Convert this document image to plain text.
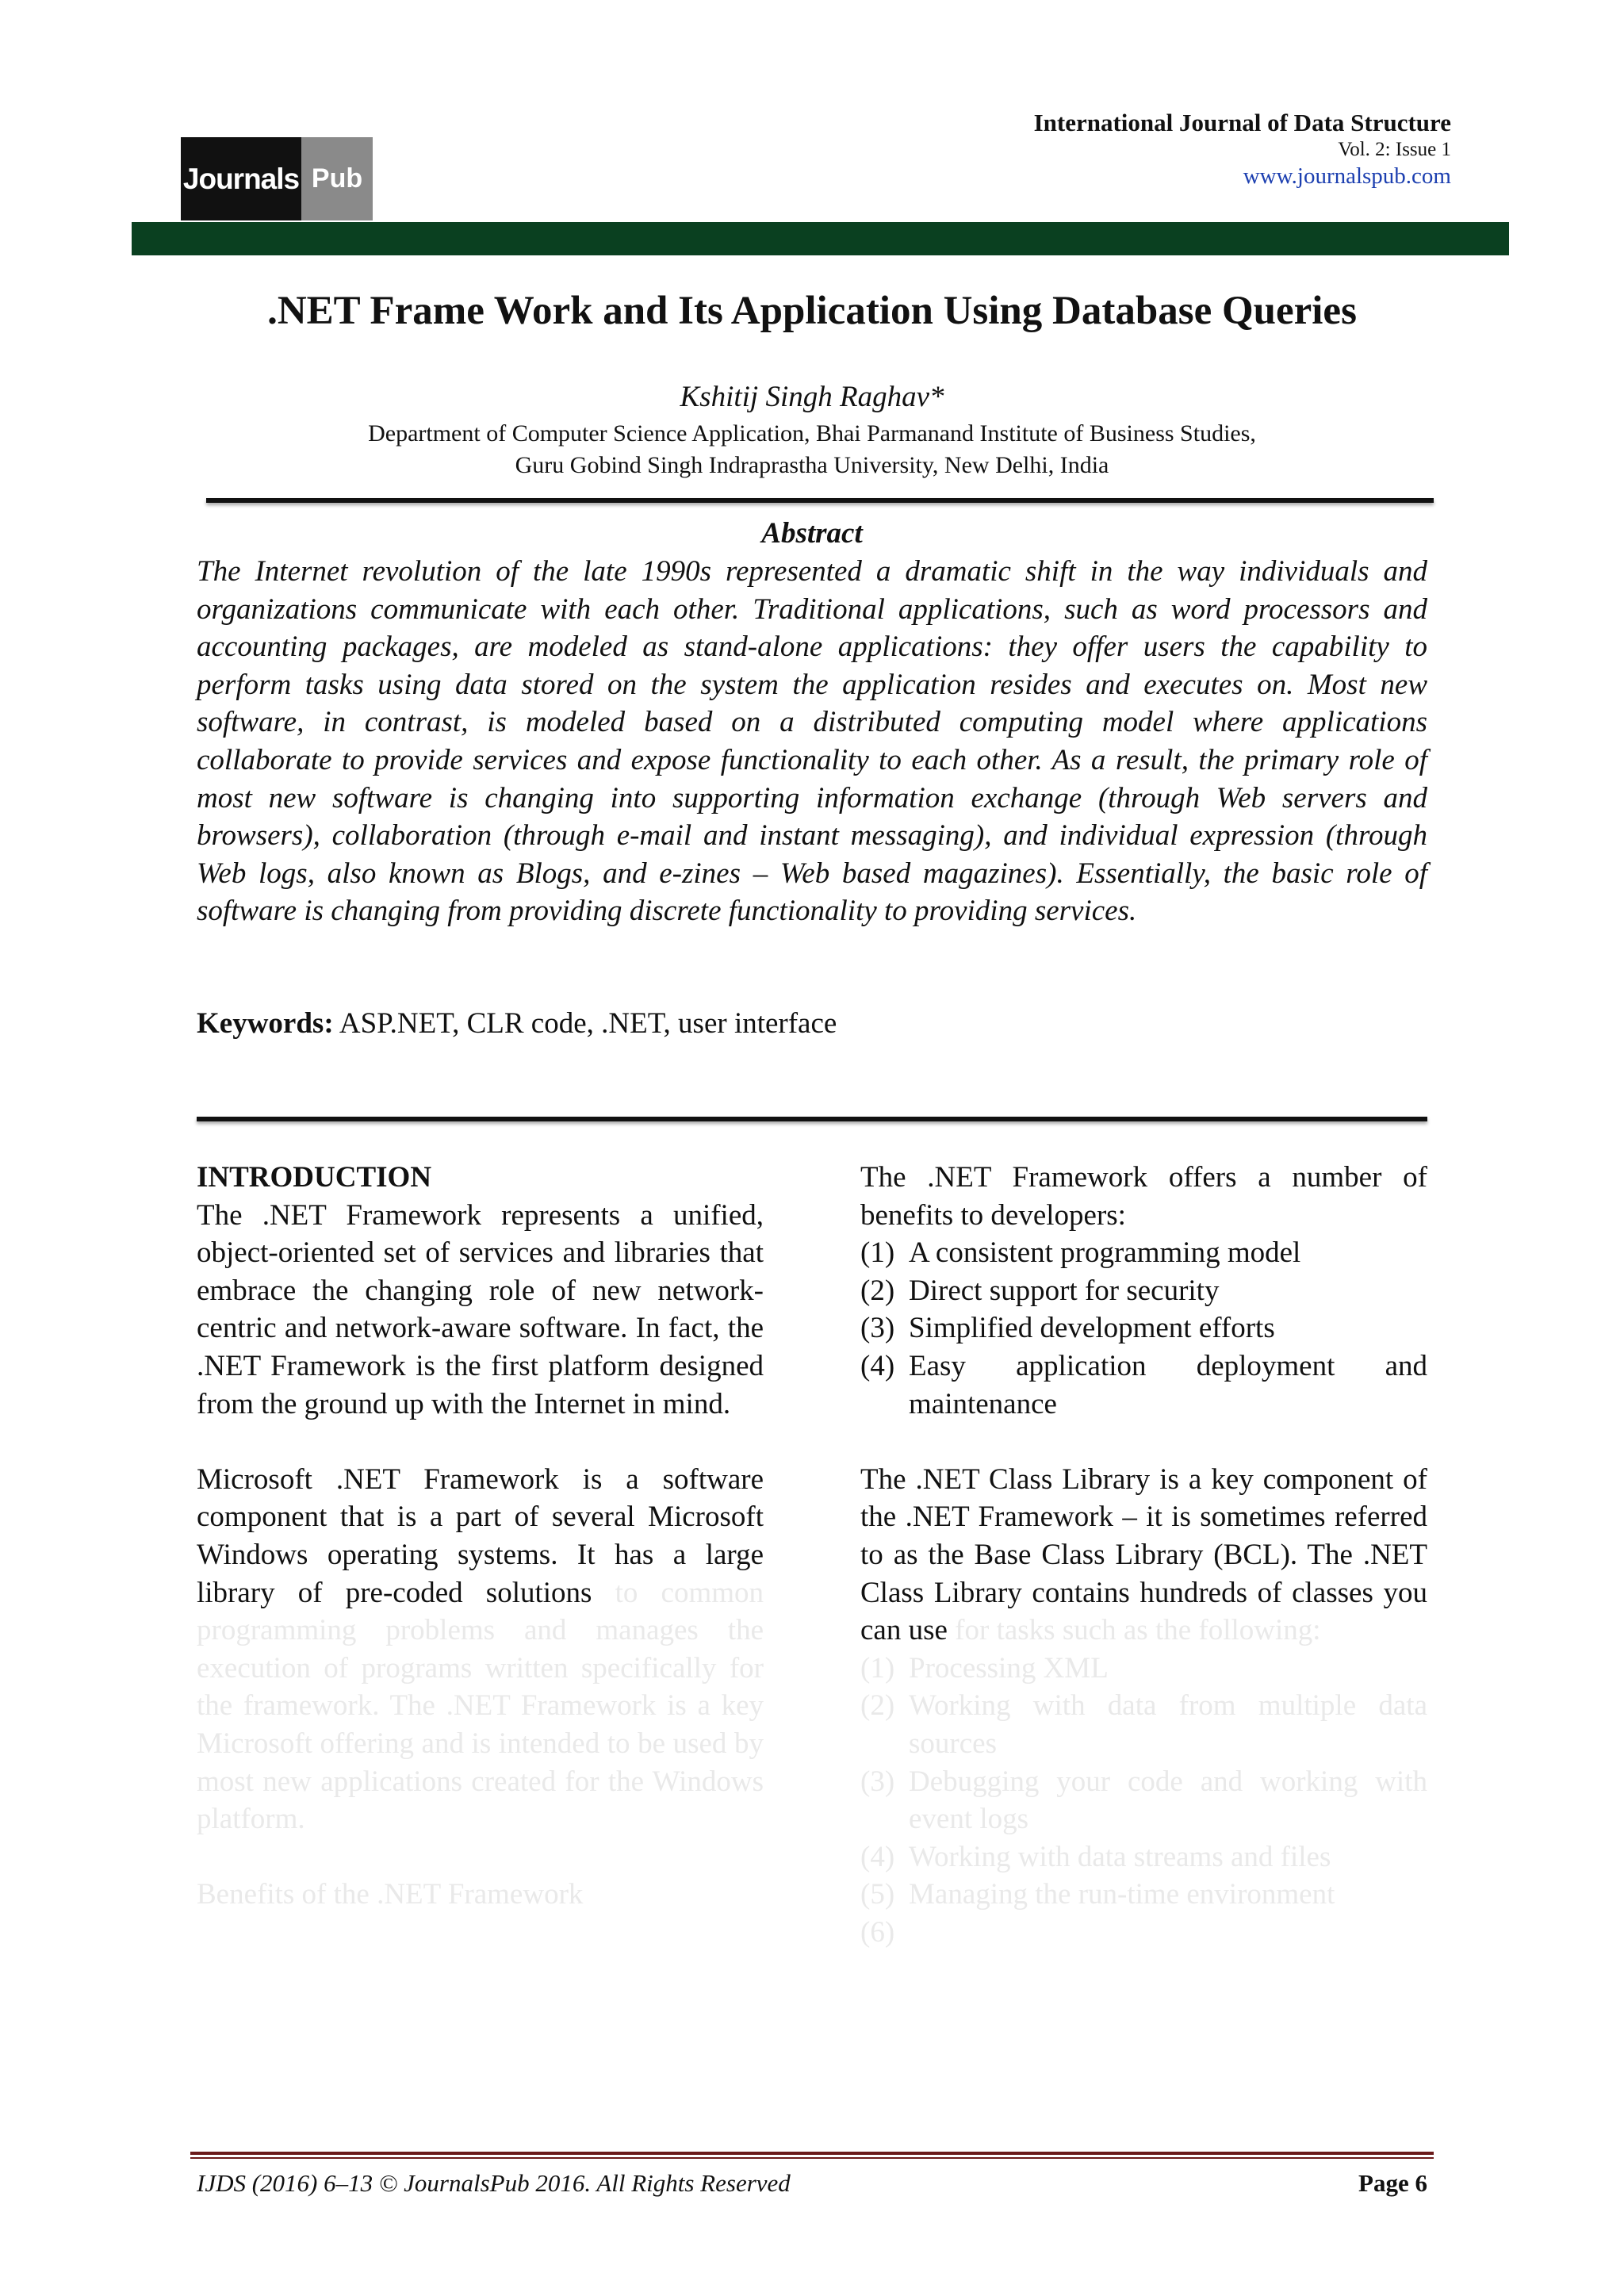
Journals Pub
International Journal of Data Structure
Vol. 2: Issue 1
www.journalspub.com
.NET Frame Work and Its Application Using Database Queries
Kshitij Singh Raghav*
Department of Computer Science Application, Bhai Parmanand Institute of Business Studies,
Guru Gobind Singh Indraprastha University, New Delhi, India
Abstract
The Internet revolution of the late 1990s represented a dramatic shift in the way individuals and organizations communicate with each other. Traditional applications, such as word processors and accounting packages, are modeled as stand-alone applications: they offer users the capability to perform tasks using data stored on the system the application resides and executes on. Most new software, in contrast, is modeled based on a distributed computing model where applications collaborate to provide services and expose functionality to each other. As a result, the primary role of most new software is changing into supporting information exchange (through Web servers and browsers), collaboration (through e-mail and instant messaging), and individual expression (through Web logs, also known as Blogs, and e-zines – Web based magazines). Essentially, the basic role of software is changing from providing discrete functionality to providing services.
Keywords: ASP.NET, CLR code, .NET, user interface

INTRODUCTION

The .NET Framework represents a unified, object-oriented set of services and libraries that embrace the changing role of new network-centric and network-aware software. In fact, the .NET Framework is the first platform designed from the ground up with the Internet in mind.

Microsoft .NET Framework is a software component that is a part of several Microsoft Windows operating systems. It has a large library of pre-coded solutions to common programming problems and manages the execution of programs written specifically for the framework. The .NET Framework is a key Microsoft offering and is intended to be used by most new applications created for the Windows platform.

Benefits of the .NET Framework

The .NET Framework offers a number of benefits to developers:

(1) A consistent programming model
(2) Direct support for security
(3) Simplified development efforts
(4) Easy application deployment and maintenance

The .NET Class Library is a key component of the .NET Framework – it is sometimes referred to as the Base Class Library (BCL). The .NET Class Library contains hundreds of classes you can use for tasks such as the following:

(1) Processing XML
(2) Working with data from multiple data sources
(3) Debugging your code and working with event logs
(4) Working with data streams and files
(5) Managing the run-time environment
(6)
IJDS (2016) 6–13 © JournalsPub 2016. All Rights Reserved	Page 6
